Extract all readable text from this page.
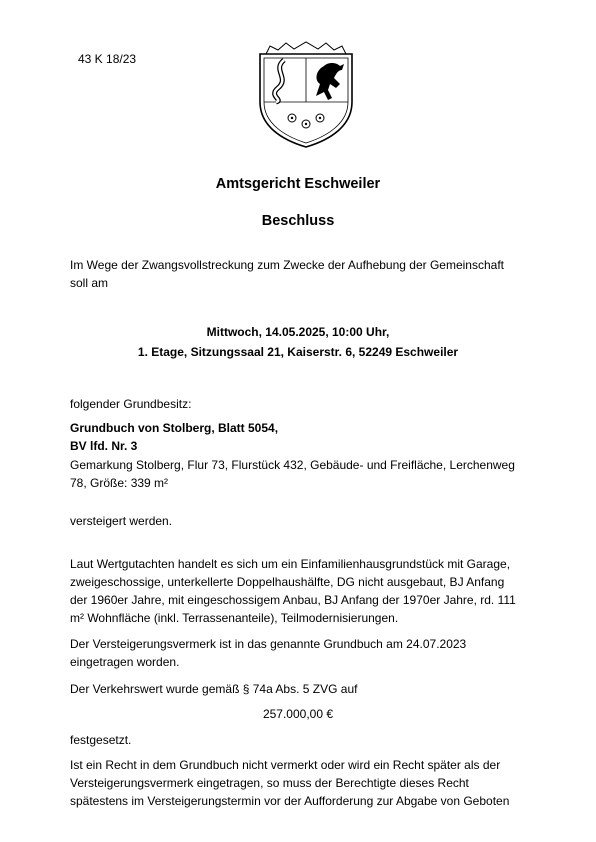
43 K 18/23
Amtsgericht Eschweiler
Beschluss

Im Wege der Zwangsvollstreckung zum Zwecke der Aufhebung der Gemeinschaft

soll am

Mittwoch, 14.05.2025, 10:00 Uhr,

1. Etage, Sitzungssaal 21, Kaiserstr. 6, 52249 Eschweiler

folgender Grundbesitz:

Grundbuch von Stolberg, Blatt 5054,

BV lfd. Nr. 3

Gemarkung Stolberg, Flur 73, Flurstück 432, Gebäude- und Freifläche, Lerchenweg

78, Größe: 339 m²

versteigert werden.

Laut Wertgutachten handelt es sich um ein Einfamilienhausgrundstück mit Garage,

zweigeschossige, unterkellerte Doppelhaushälfte, DG nicht ausgebaut, BJ Anfang

der 1960er Jahre, mit eingeschossigem Anbau, BJ Anfang der 1970er Jahre, rd. 111

m² Wohnfläche (inkl. Terrassenanteile), Teilmodernisierungen.

Der Versteigerungsvermerk ist in das genannte Grundbuch am 24.07.2023

eingetragen worden.

Der Verkehrswert wurde gemäß § 74a Abs. 5 ZVG auf

257.000,00 €

festgesetzt.

Ist ein Recht in dem Grundbuch nicht vermerkt oder wird ein Recht später als der

Versteigerungsvermerk eingetragen, so muss der Berechtigte dieses Recht

spätestens im Versteigerungstermin vor der Aufforderung zur Abgabe von Geboten
